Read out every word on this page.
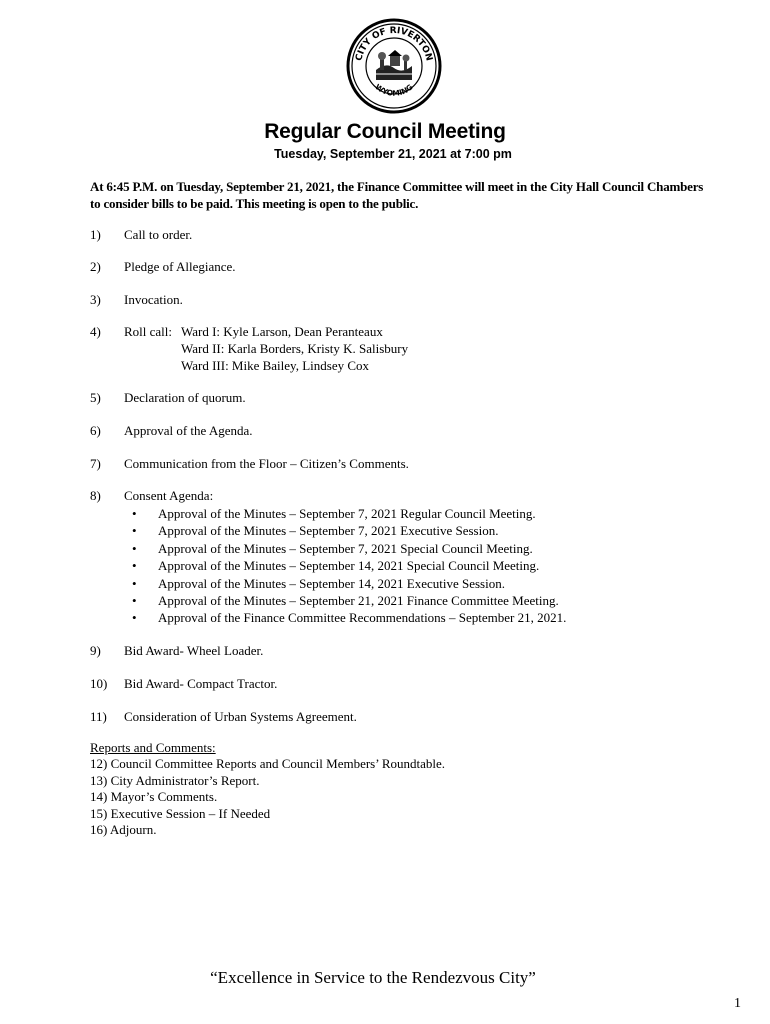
CITY OF RIVERTON
WYOMING
Regular Council Meeting
Tuesday, September 21, 2021 at 7:00 pm
At 6:45 P.M. on Tuesday, September 21, 2021, the Finance Committee will meet in the City Hall Council Chambers to consider bills to be paid. This meeting is open to the public.
1) Call to order.
2) Pledge of Allegiance.
3) Invocation.
4) Roll call: Ward I: Kyle Larson, Dean Peranteaux
Ward II: Karla Borders, Kristy K. Salisbury
Ward III: Mike Bailey, Lindsey Cox
5) Declaration of quorum.
6) Approval of the Agenda.
7) Communication from the Floor – Citizen’s Comments.
8) Consent Agenda:
• Approval of the Minutes – September 7, 2021 Regular Council Meeting.
• Approval of the Minutes – September 7, 2021 Executive Session.
• Approval of the Minutes – September 7, 2021 Special Council Meeting.
• Approval of the Minutes – September 14, 2021 Special Council Meeting.
• Approval of the Minutes – September 14, 2021 Executive Session.
• Approval of the Minutes – September 21, 2021 Finance Committee Meeting.
• Approval of the Finance Committee Recommendations – September 21, 2021.
9) Bid Award- Wheel Loader.
10) Bid Award- Compact Tractor.
11) Consideration of Urban Systems Agreement.
Reports and Comments:
12) Council Committee Reports and Council Members’ Roundtable.
13) City Administrator’s Report.
14) Mayor’s Comments.
15) Executive Session – If Needed
16) Adjourn.
“Excellence in Service to the Rendezvous City”
1
